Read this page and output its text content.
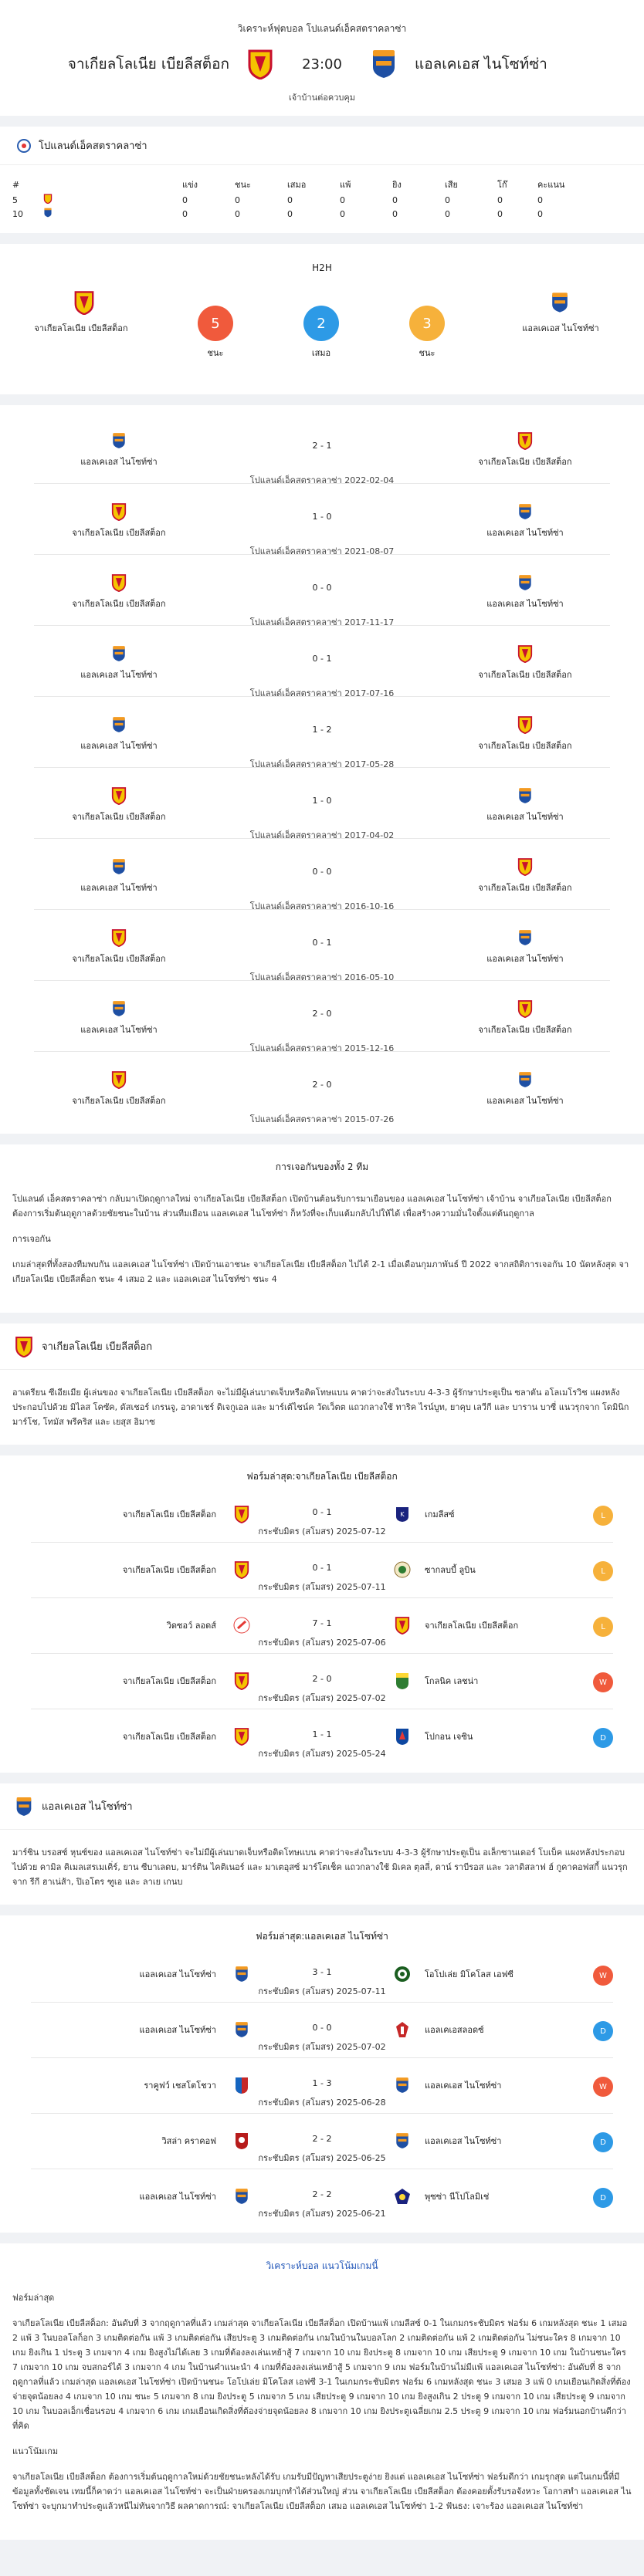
วิเคราะห์ฟุตบอล โปแลนด์เอ็คสตราคลาซ่า
จาเกียลโลเนีย เบียลีสต็อก	23:00	แอลเคเอส ไนโซท์ซ่า
เจ้าบ้านต่อควบคุม
โปแลนด์เอ็คสตราคลาซ่า
#		แข่ง	ชนะ	เสมอ	แพ้	ยิง	เสีย	โก๊	คะแนน
5		0	0	0	0	0	0	0	0
10		0	0	0	0	0	0	0	0
H2H
จาเกียลโลเนีย เบียลีสต็อก	5
ชนะ
2
เสมอ
3
ชนะ
แอลเคเอส ไนโซท์ซ่า
แอลเคเอส ไนโซท์ซ่า
2 - 1
จาเกียลโลเนีย เบียลีสต็อก
โปแลนด์เอ็คสตราคลาซ่า 2022-02-04
จาเกียลโลเนีย เบียลีสต็อก
1 - 0
แอลเคเอส ไนโซท์ซ่า
โปแลนด์เอ็คสตราคลาซ่า 2021-08-07
จาเกียลโลเนีย เบียลีสต็อก
0 - 0
แอลเคเอส ไนโซท์ซ่า
โปแลนด์เอ็คสตราคลาซ่า 2017-11-17
แอลเคเอส ไนโซท์ซ่า
0 - 1
จาเกียลโลเนีย เบียลีสต็อก
โปแลนด์เอ็คสตราคลาซ่า 2017-07-16
แอลเคเอส ไนโซท์ซ่า
1 - 2
จาเกียลโลเนีย เบียลีสต็อก
โปแลนด์เอ็คสตราคลาซ่า 2017-05-28
จาเกียลโลเนีย เบียลีสต็อก
1 - 0
แอลเคเอส ไนโซท์ซ่า
โปแลนด์เอ็คสตราคลาซ่า 2017-04-02
แอลเคเอส ไนโซท์ซ่า
0 - 0
จาเกียลโลเนีย เบียลีสต็อก
โปแลนด์เอ็คสตราคลาซ่า 2016-10-16
จาเกียลโลเนีย เบียลีสต็อก
0 - 1
แอลเคเอส ไนโซท์ซ่า
โปแลนด์เอ็คสตราคลาซ่า 2016-05-10
แอลเคเอส ไนโซท์ซ่า
2 - 0
จาเกียลโลเนีย เบียลีสต็อก
โปแลนด์เอ็คสตราคลาซ่า 2015-12-16
จาเกียลโลเนีย เบียลีสต็อก
2 - 0
แอลเคเอส ไนโซท์ซ่า
โปแลนด์เอ็คสตราคลาซ่า 2015-07-26
การเจอกันของทั้ง 2 ทีม

โปแลนด์ เอ็คสตราคลาซ่า กลับมาเปิดฤดูกาลใหม่ จาเกียลโลเนีย เบียลีสต็อก เปิดบ้านต้อนรับการมาเยือนของ แอลเคเอส ไนโซท์ซ่า เจ้าบ้าน จาเกียลโลเนีย เบียลีสต็อก ต้องการเริ่มต้นฤดูกาลด้วยชัยชนะในบ้าน ส่วนทีมเยือน แอลเคเอส ไนโซท์ซ่า ก็หวังที่จะเก็บแต้มกลับไปให้ได้ เพื่อสร้างความมั่นใจตั้งแต่ต้นฤดูกาล

การเจอกัน

เกมล่าสุดที่ทั้งสองทีมพบกัน แอลเคเอส ไนโซท์ซ่า เปิดบ้านเอาชนะ จาเกียลโลเนีย เบียลีสต็อก ไปได้ 2-1 เมื่อเดือนกุมภาพันธ์ ปี 2022 จากสถิติการเจอกัน 10 นัดหลังสุด จาเกียลโลเนีย เบียลีสต็อก ชนะ 4 เสมอ 2 และ แอลเคเอส ไนโซท์ซ่า ชนะ 4

จาเกียลโลเนีย เบียลีสต็อก
อาเดรียน ซีเอียเมีย ผู้เล่นของ จาเกียลโลเนีย เบียลีสต็อก จะไม่มีผู้เล่นบาดเจ็บหรือติดโทษแบน คาดว่าจะส่งในระบบ 4-3-3 ผู้รักษาประตูเป็น ซลาตัน อโลเมโรวิช แผงหลังประกอบไปด้วย มิไลส โคซัค, ดัสเชอร์ เกรนจู, อาดาเชร์ ดิเจกูเอล และ มาร์เต้ไชน์ค วัดเว็ตต แถวกลางใช้ ทาริค ไรน์บูท, ยาคุบ เลวีกี และ บาราน บาซี่ แนวรุกจาก โดมินิก มาร์โช, โทมัส พรีคริส และ เยสุส อิมาซ
ฟอร์มล่าสุด:จาเกียลโลเนีย เบียลีสต็อก
จาเกียลโลเนีย เบียลีสต็อก	0 - 1
กระชับมิตร (สโมสร) 2025-07-12
K เกมลีสซ์	L
จาเกียลโลเนีย เบียลีสต็อก	0 - 1
กระชับมิตร (สโมสร) 2025-07-11
ซากลบบี้ ลูบิน	L
วิดซอว์ ลอดส์	7 - 1
กระชับมิตร (สโมสร) 2025-07-06
จาเกียลโลเนีย เบียลีสต็อก	L
จาเกียลโลเนีย เบียลีสต็อก	2 - 0
กระชับมิตร (สโมสร) 2025-07-02
โกลนิค เลชน่า	W
จาเกียลโลเนีย เบียลีสต็อก	1 - 1
กระชับมิตร (สโมสร) 2025-05-24
โปกอน เจซิน	D
แอลเคเอส ไนโซท์ซ่า
มาร์ซิน บรอสซ์ หุนซ์ของ แอลเคเอส ไนโซท์ซ่า จะไม่มีผู้เล่นบาดเจ็บหรือติดโทษแบน คาดว่าจะส่งในระบบ 4-3-3 ผู้รักษาประตูเป็น อเล็กซานเดอร์ โบเบ็ค แผงหลังประกอบไปด้วย คามิล คิเมลเสรเมเคิ่ร์, ยาน ซีบาเลดบ, มาร์ติน ไคติเนอร์ และ มาเตอุสซ์ มาร์โตเช็ค แถวกลางใช้ มิเคล ตุลลี่, ดาน์ ราบีรอส และ วลาดิสลาฟ ฮ์ กูคาคอฟสกี้ แนวรุกจาก รีกี ฮาเน่ส้า, ปิเอโตร ฑูเอ และ ลาเย เกนบ
ฟอร์มล่าสุด:แอลเคเอส ไนโซท์ซ่า
แอลเคเอส ไนโซท์ซ่า	3 - 1
กระชับมิตร (สโมสร) 2025-07-11
โอโปเล่ย มิโคโลส เอฟซี	W
แอลเคเอส ไนโซท์ซ่า	0 - 0
กระชับมิตร (สโมสร) 2025-07-02
แอลเคเอสลอดซ์	D
ราคูฟว์ เชสโตโชวา	1 - 3
กระชับมิตร (สโมสร) 2025-06-28
แอลเคเอส ไนโซท์ซ่า	W
วิสล่า คราคอฟ	2 - 2
กระชับมิตร (สโมสร) 2025-06-25
แอลเคเอส ไนโซท์ซ่า	D
แอลเคเอส ไนโซท์ซ่า	2 - 2
กระชับมิตร (สโมสร) 2025-06-21
พุซซ่า นีโปโลมิเช่	D
วิเคราะห์บอล แนวโน้มเกมนี้

ฟอร์มล่าสุด

จาเกียลโลเนีย เบียลีสต็อก: อันดับที่ 3 จากฤดูกาลที่แล้ว เกมล่าสุด จาเกียลโลเนีย เบียลีสต็อก เปิดบ้านแพ้ เกมลีสซ์ 0-1 ในเกมกระชับมิตร ฟอร์ม 6 เกมหลังสุด ชนะ 1 เสมอ 2 แพ้ 3 ในบอลโลก็อก 3 เกมติดต่อกัน แพ้ 3 เกมติดต่อกัน เสียประตู 3 เกมติดต่อกัน เกมในบ้านในบอลโลก 2 เกมติดต่อกัน แพ้ 2 เกมติดต่อกัน ไม่ชนะใคร 8 เกมจาก 10 เกม ยิงเกิน 1 ประตู 3 เกมจาก 4 เกม ยิงสูงไม่ได้เลย 3 เกมที่ต้องลงเล่นเหย้าสู้ 7 เกมจาก 10 เกม ยิงประตู 8 เกมจาก 10 เกม เสียประตู 9 เกมจาก 10 เกม ในบ้านชนะใคร 7 เกมจาก 10 เกม จบสกอร์ได้ 3 เกมจาก 4 เกม ในบ้านคำแนะนำ 4 เกมที่ต้องลงเล่นเหย้าสู้ 5 เกมจาก 9 เกม ฟอร์มในบ้านไม่มีแพ้ แอลเคเอส ไนโซท์ซ่า: อันดับที่ 8 จากฤดูกาลที่แล้ว เกมล่าสุด แอลเคเอส ไนโซท์ซ่า เปิดบ้านชนะ โอโปเล่ย มิโคโลส เอฟซี 3-1 ในเกมกระชับมิตร ฟอร์ม 6 เกมหลังสุด ชนะ 3 เสมอ 3 แพ้ 0 เกมเยือนเกิดสิ่งที่ต้องจ่ายจุดน้อยลง 4 เกมจาก 10 เกม ชนะ 5 เกมจาก 8 เกม ยิงประตู 5 เกมจาก 5 เกม เสียประตู 9 เกมจาก 10 เกม ยิงสูงเกิน 2 ประตู 9 เกมจาก 10 เกม เสียประตู 9 เกมจาก 10 เกม ในบอลเอ็กเชื่อนรอบ 4 เกมจาก 6 เกม เกมเยือนเกิดสิ่งที่ต้องจ่ายจุดน้อยลง 8 เกมจาก 10 เกม ยิงประตูเฉลี่ยเกม 2.5 ประตู 9 เกมจาก 10 เกม ฟอร์มนอกบ้านดีกว่าที่คิด

แนวโน้มเกม

จาเกียลโลเนีย เบียลีสต็อก ต้องการเริ่มต้นฤดูกาลใหม่ด้วยชัยชนะหลังได้รับ เกมรับมีปัญหาเสียประตูง่าย ยิงแต่ แอลเคเอส ไนโซท์ซ่า ฟอร์มดีกว่า เกมรุกสุด แต่ในเกมนี้ที่มีข้อมูลทั้งชัดเจน เทมนี้ก็คาดว่า แอลเคเอส ไนโซท์ซ่า จะเป็นฝ่ายครองเกมบุกทำได้ส่วนใหญ่ ส่วน จาเกียลโลเนีย เบียลีสต็อก ต้องคอยตั้งรับรอจังหวะ โอกาสทำ แอลเคเอส ไนโซท์ซ่า จะบุกมาทำประตูแล้วหนีไม่ทันจากวิธี ผลคาดการณ์: จาเกียลโลเนีย เบียลีสต็อก เสมอ แอลเคเอส ไนโซท์ซ่า 1-2 ฟันธง: เจาะร้อง แอลเคเอส ไนโซท์ซ่า
